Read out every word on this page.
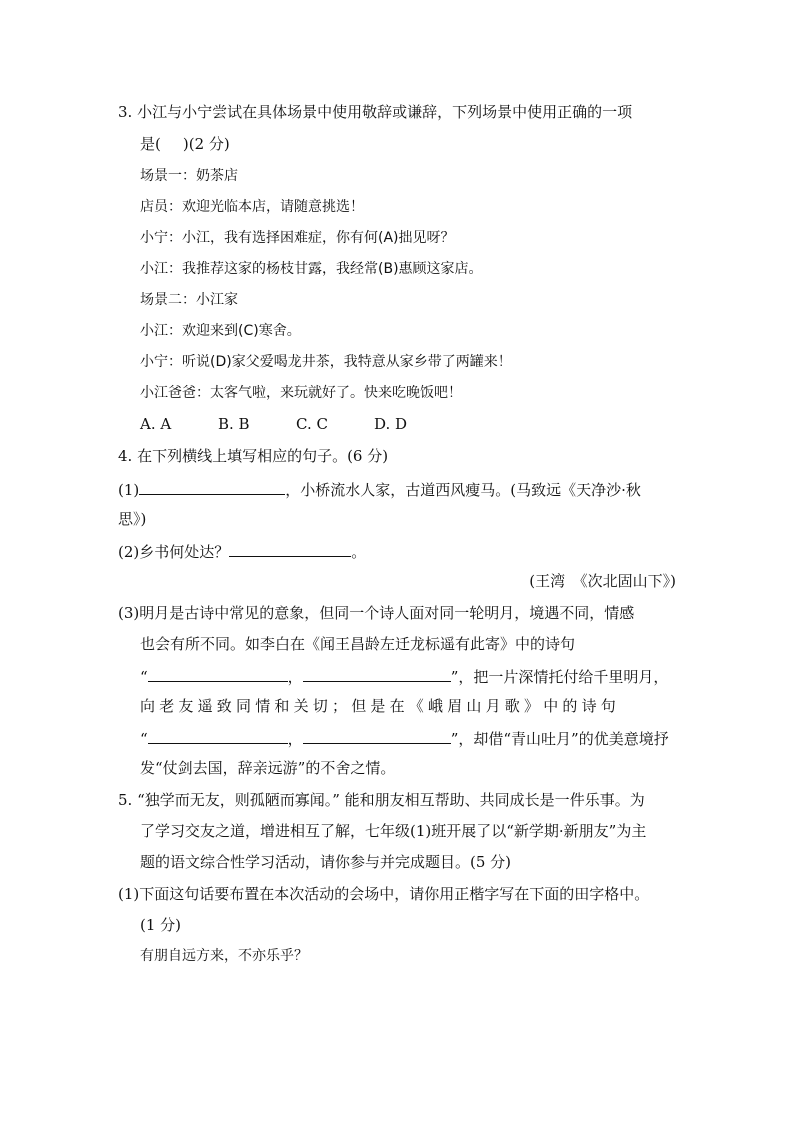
3. 小江与小宁尝试在具体场景中使用敬辞或谦辞，下列场景中使用正确的一项
是( )(2 分)
场景一：奶茶店
店员：欢迎光临本店，请随意挑选！
小宁：小江，我有选择困难症，你有何(A)拙见呀？
小江：我推荐这家的杨枝甘露，我经常(B)惠顾这家店。
场景二：小江家
小江：欢迎来到(C)寒舍。
小宁：听说(D)家父爱喝龙井茶，我特意从家乡带了两罐来！
小江爸爸：太客气啦，来玩就好了。快来吃晚饭吧！
A. A	B. B	C. C	D. D
4. 在下列横线上填写相应的句子。(6 分)
(1)	，小桥流水人家，古道西风瘦马。(马致远《天净沙·秋
思》)
(2)乡书何处达？	。
(王湾　《次北固山下》)
(3)明月是古诗中常见的意象，但同一个诗人面对同一轮明月，境遇不同，情感
也会有所不同。如李白在《闻王昌龄左迁龙标遥有此寄》中的诗句
“	，	”，把一片深情托付给千里明月，
向老友遥致同情和关切；但是在《峨眉山月歌》中的诗句
“	，	”，却借“青山吐月”的优美意境抒
发“仗剑去国，辞亲远游”的不舍之情。
5. “独学而无友，则孤陋而寡闻。” 能和朋友相互帮助、共同成长是一件乐事。为
了学习交友之道，增进相互了解，七年级(1)班开展了以“新学期·新朋友”为主
题的语文综合性学习活动，请你参与并完成题目。(5 分)
(1)下面这句话要布置在本次活动的会场中，请你用正楷字写在下面的田字格中。
(1 分)
有朋自远方来，不亦乐乎？
